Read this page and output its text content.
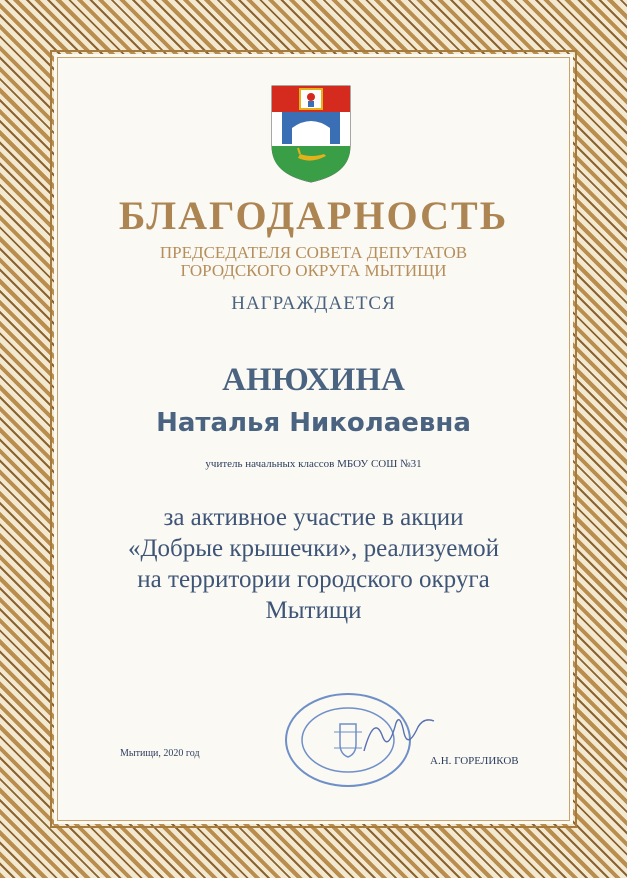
БЛАГОДАРНОСТЬ
ПРЕДСЕДАТЕЛЯ СОВЕТА ДЕПУТАТОВ
ГОРОДСКОГО ОКРУГА МЫТИЩИ
НАГРАЖДАЕТСЯ
АНЮХИНА
Наталья Николаевна
учитель начальных классов МБОУ СОШ №31
за активное участие в акции
«Добрые крышечки», реализуемой
на территории городского округа
Мытищи
Мытищи, 2020 год
А.Н. ГОРЕЛИКОВ
